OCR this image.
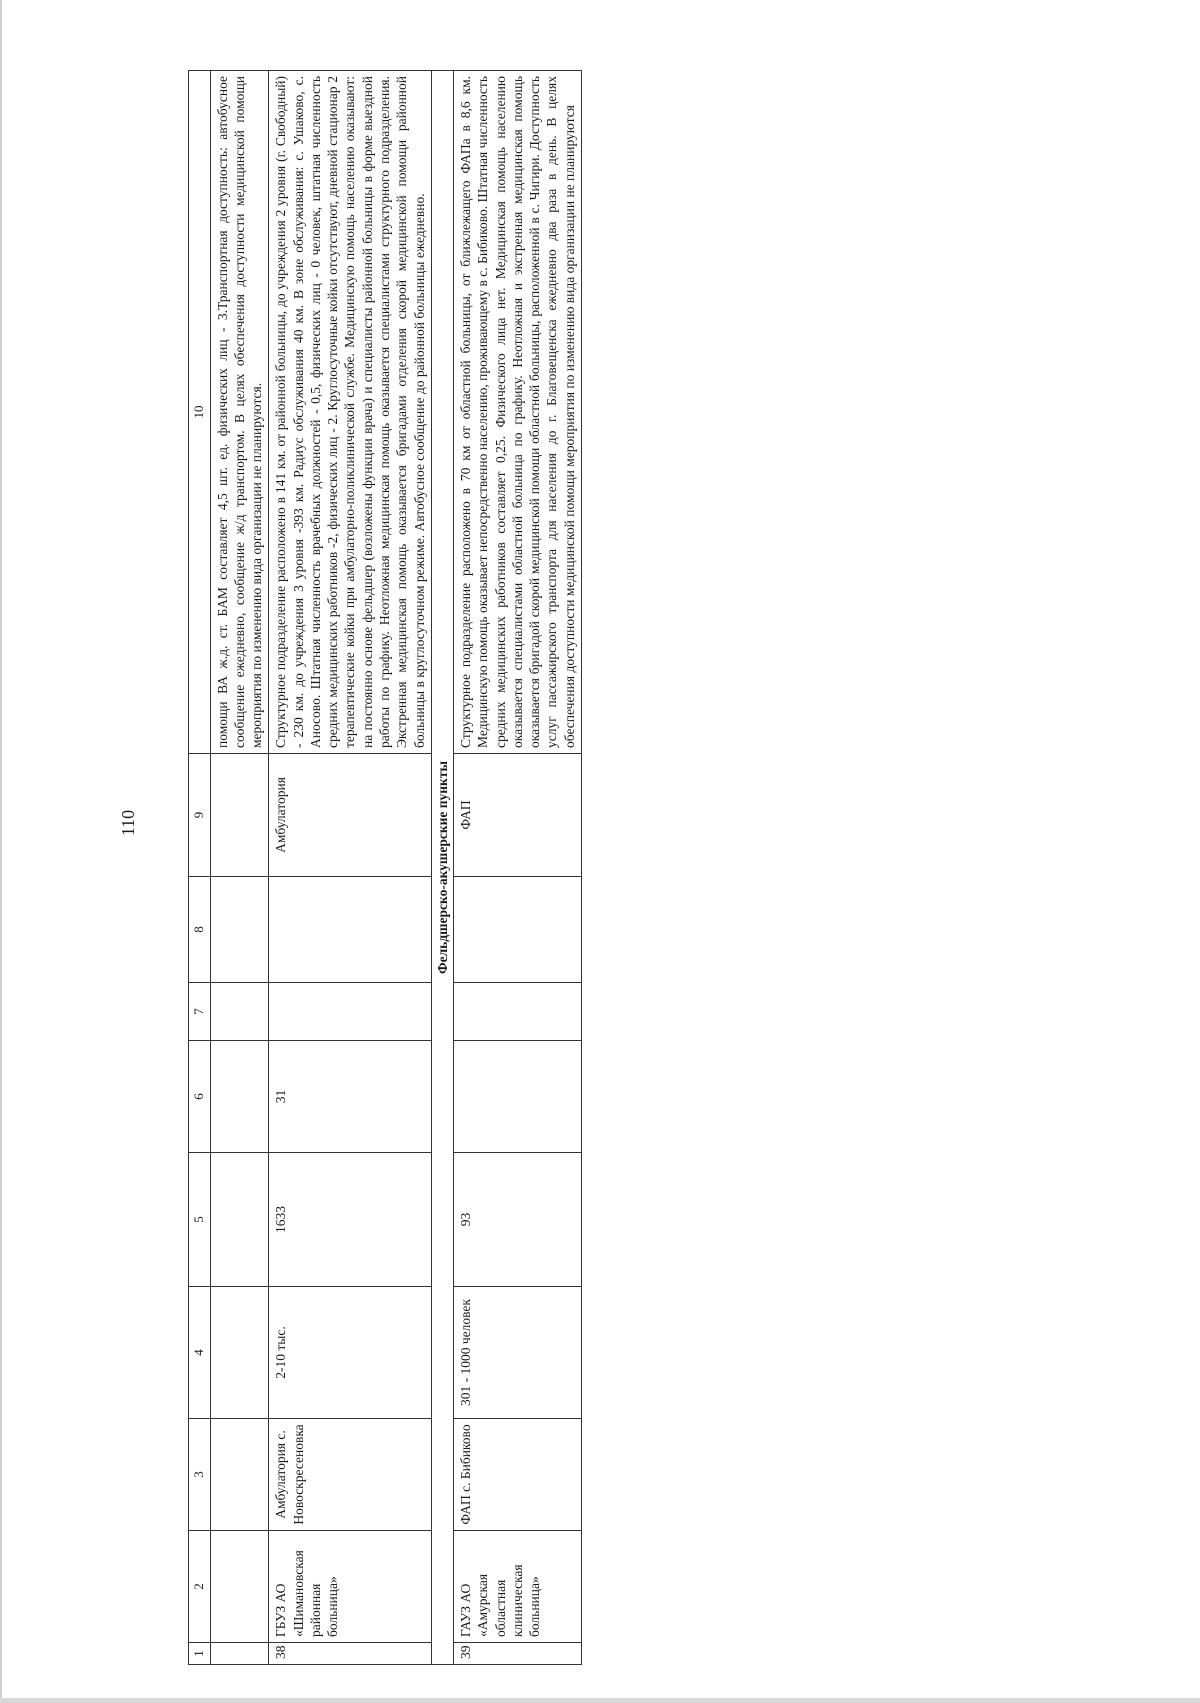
110
1	2	3	4	5	6	7	8	9	10
									помощи ВА ж.д. ст. БАМ составляет 4,5 шт. ед. физических лиц - 3.Транспортная доступность: автобусное сообщение ежедневно, сообщение ж/д транспортом. В целях обеспечения доступности медицинской помощи мероприятия по изменению вида организации не планируются.
38	ГБУЗ АО «Шимановская районная больница»	Амбулатория с. Новоскресеновка	2-10 тыс.	1633	31			Амбулатория	Структурное подразделение расположено в 141 км. от районной больницы, до учреждения 2 уровня (г. Свободный) - 230 км. до учреждения 3 уровня -393 км. Радиус обслуживания 40 км. В зоне обслуживания: с. Ушаково, с. Аносово. Штатная численность врачебных должностей - 0,5, физических лиц - 0 человек, штатная численность средних медицинских работников -2, физических лиц - 2. Круглосуточные койки отсутствуют, дневной стационар 2 терапевтические койки при амбулаторно-поликлинической службе. Медицинскую помощь населению оказывают: на постоянно основе фельдшер (возложены функции врача) и специалисты районной больницы в форме выездной работы по графику. Неотложная медицинская помощь оказывается специалистами структурного подразделения. Экстренная медицинская помощь оказывается бригадами отделения скорой медицинской помощи районной больницы в круглосуточном режиме. Автобусное сообщение до районной больницы ежедневно.
Фельдшерско-акушерские пункты									
39	ГАУЗ АО «Амурская областная клиническая больница»	ФАП с. Бибиково	301 - 1000 человек	93				ФАП	Структурное подразделение расположено в 70 км от областной больницы, от ближлежащего ФАПа в 8,6 км. Медицинскую помощь оказывает непосредственно населению, проживающему в с. Бибиково. Штатная численность средних медицинских работников составляет 0,25. Физического лица нет. Медицинская помощь населению оказывается специалистами областной больница по графику. Неотложная и экстренная медицинская помощь оказывается бригадой скорой медицинской помощи областной больницы, расположенной в с. Чигири. Доступность услуг пассажирского транспорта для населения до г. Благовещенска ежедневно два раза в день. В целях обеспечения доступности медицинской помощи мероприятия по изменению вида организации не планируются
